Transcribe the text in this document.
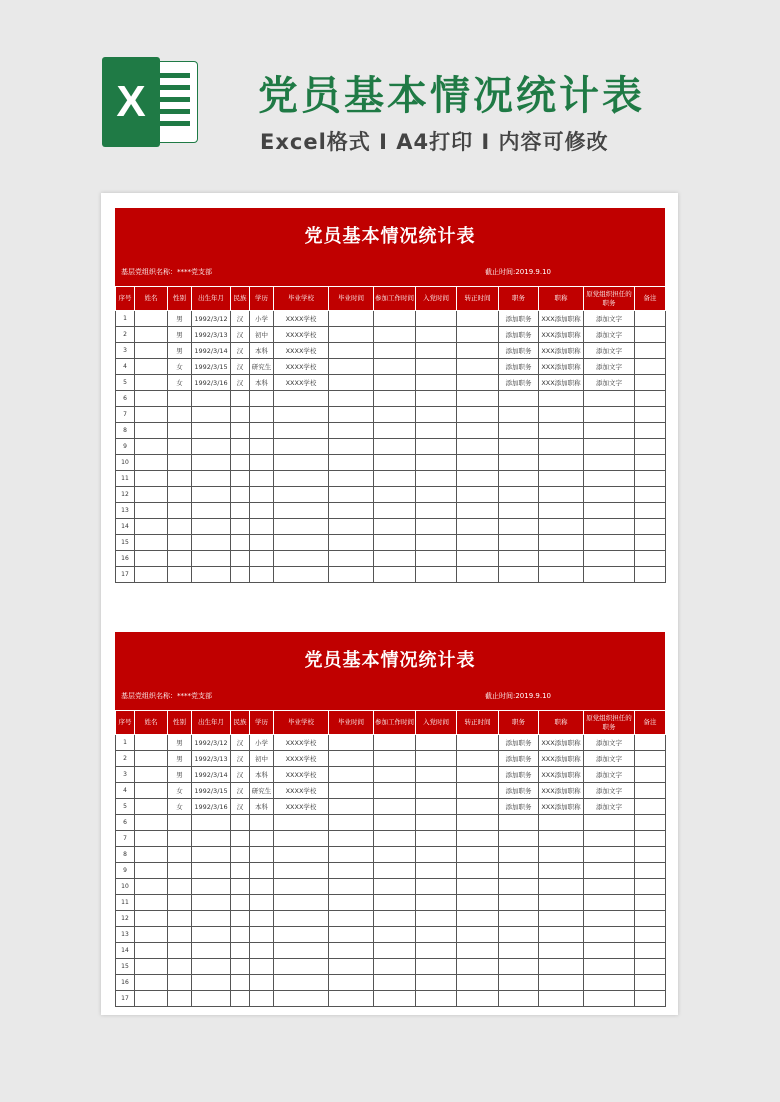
X	党员基本情况统计表
Excel格式 I A4打印 I 内容可修改
党员基本情况统计表
基层党组织名称：****党支部	截止时间:2019.9.10
序号	姓名	性别	出生年月	民族	学历	毕业学校	毕业时间	参加工作时间	入党时间	转正时间	职务	职称	原党组织担任的职务	备注
1		男	1992/3/12	汉	小学	XXXX学校					添加职务	XXX添加职称	添加文字	
2		男	1992/3/13	汉	初中	XXXX学校					添加职务	XXX添加职称	添加文字	
3		男	1992/3/14	汉	本科	XXXX学校					添加职务	XXX添加职称	添加文字	
4		女	1992/3/15	汉	研究生	XXXX学校					添加职务	XXX添加职称	添加文字	
5		女	1992/3/16	汉	本科	XXXX学校					添加职务	XXX添加职称	添加文字	
6														
7														
8														
9														
10														
11														
12														
13														
14														
15														
16														
17														
党员基本情况统计表
基层党组织名称：****党支部	截止时间:2019.9.10
序号	姓名	性别	出生年月	民族	学历	毕业学校	毕业时间	参加工作时间	入党时间	转正时间	职务	职称	原党组织担任的职务	备注
1		男	1992/3/12	汉	小学	XXXX学校					添加职务	XXX添加职称	添加文字	
2		男	1992/3/13	汉	初中	XXXX学校					添加职务	XXX添加职称	添加文字	
3		男	1992/3/14	汉	本科	XXXX学校					添加职务	XXX添加职称	添加文字	
4		女	1992/3/15	汉	研究生	XXXX学校					添加职务	XXX添加职称	添加文字	
5		女	1992/3/16	汉	本科	XXXX学校					添加职务	XXX添加职称	添加文字	
6														
7														
8														
9														
10														
11														
12														
13														
14														
15														
16														
17														
